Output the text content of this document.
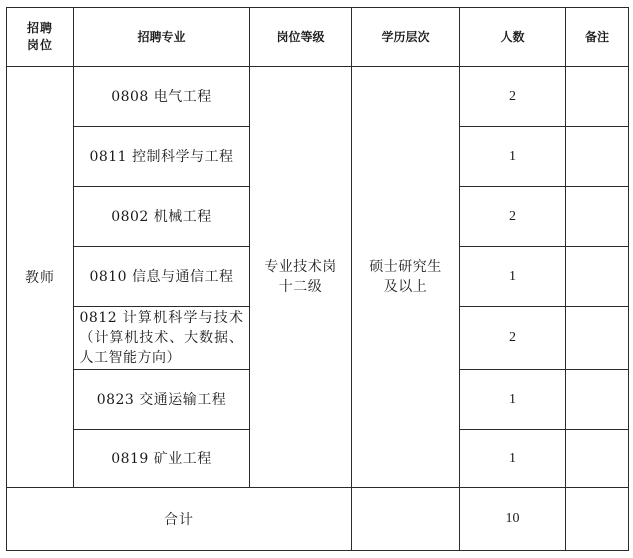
招聘岗位	招聘专业	岗位等级	学历层次	人数	备注
教师	0808 电气工程	专业技术岗十二级	硕士研究生及以上	2	
	0811 控制科学与工程			1	
	0802 机械工程			2	
	0810 信息与通信工程			1	
	0812 计算机科学与技术（计算机技术、大数据、人工智能方向）			2	
	0823 交通运输工程			1	
	0819 矿业工程			1	
合计				10	
